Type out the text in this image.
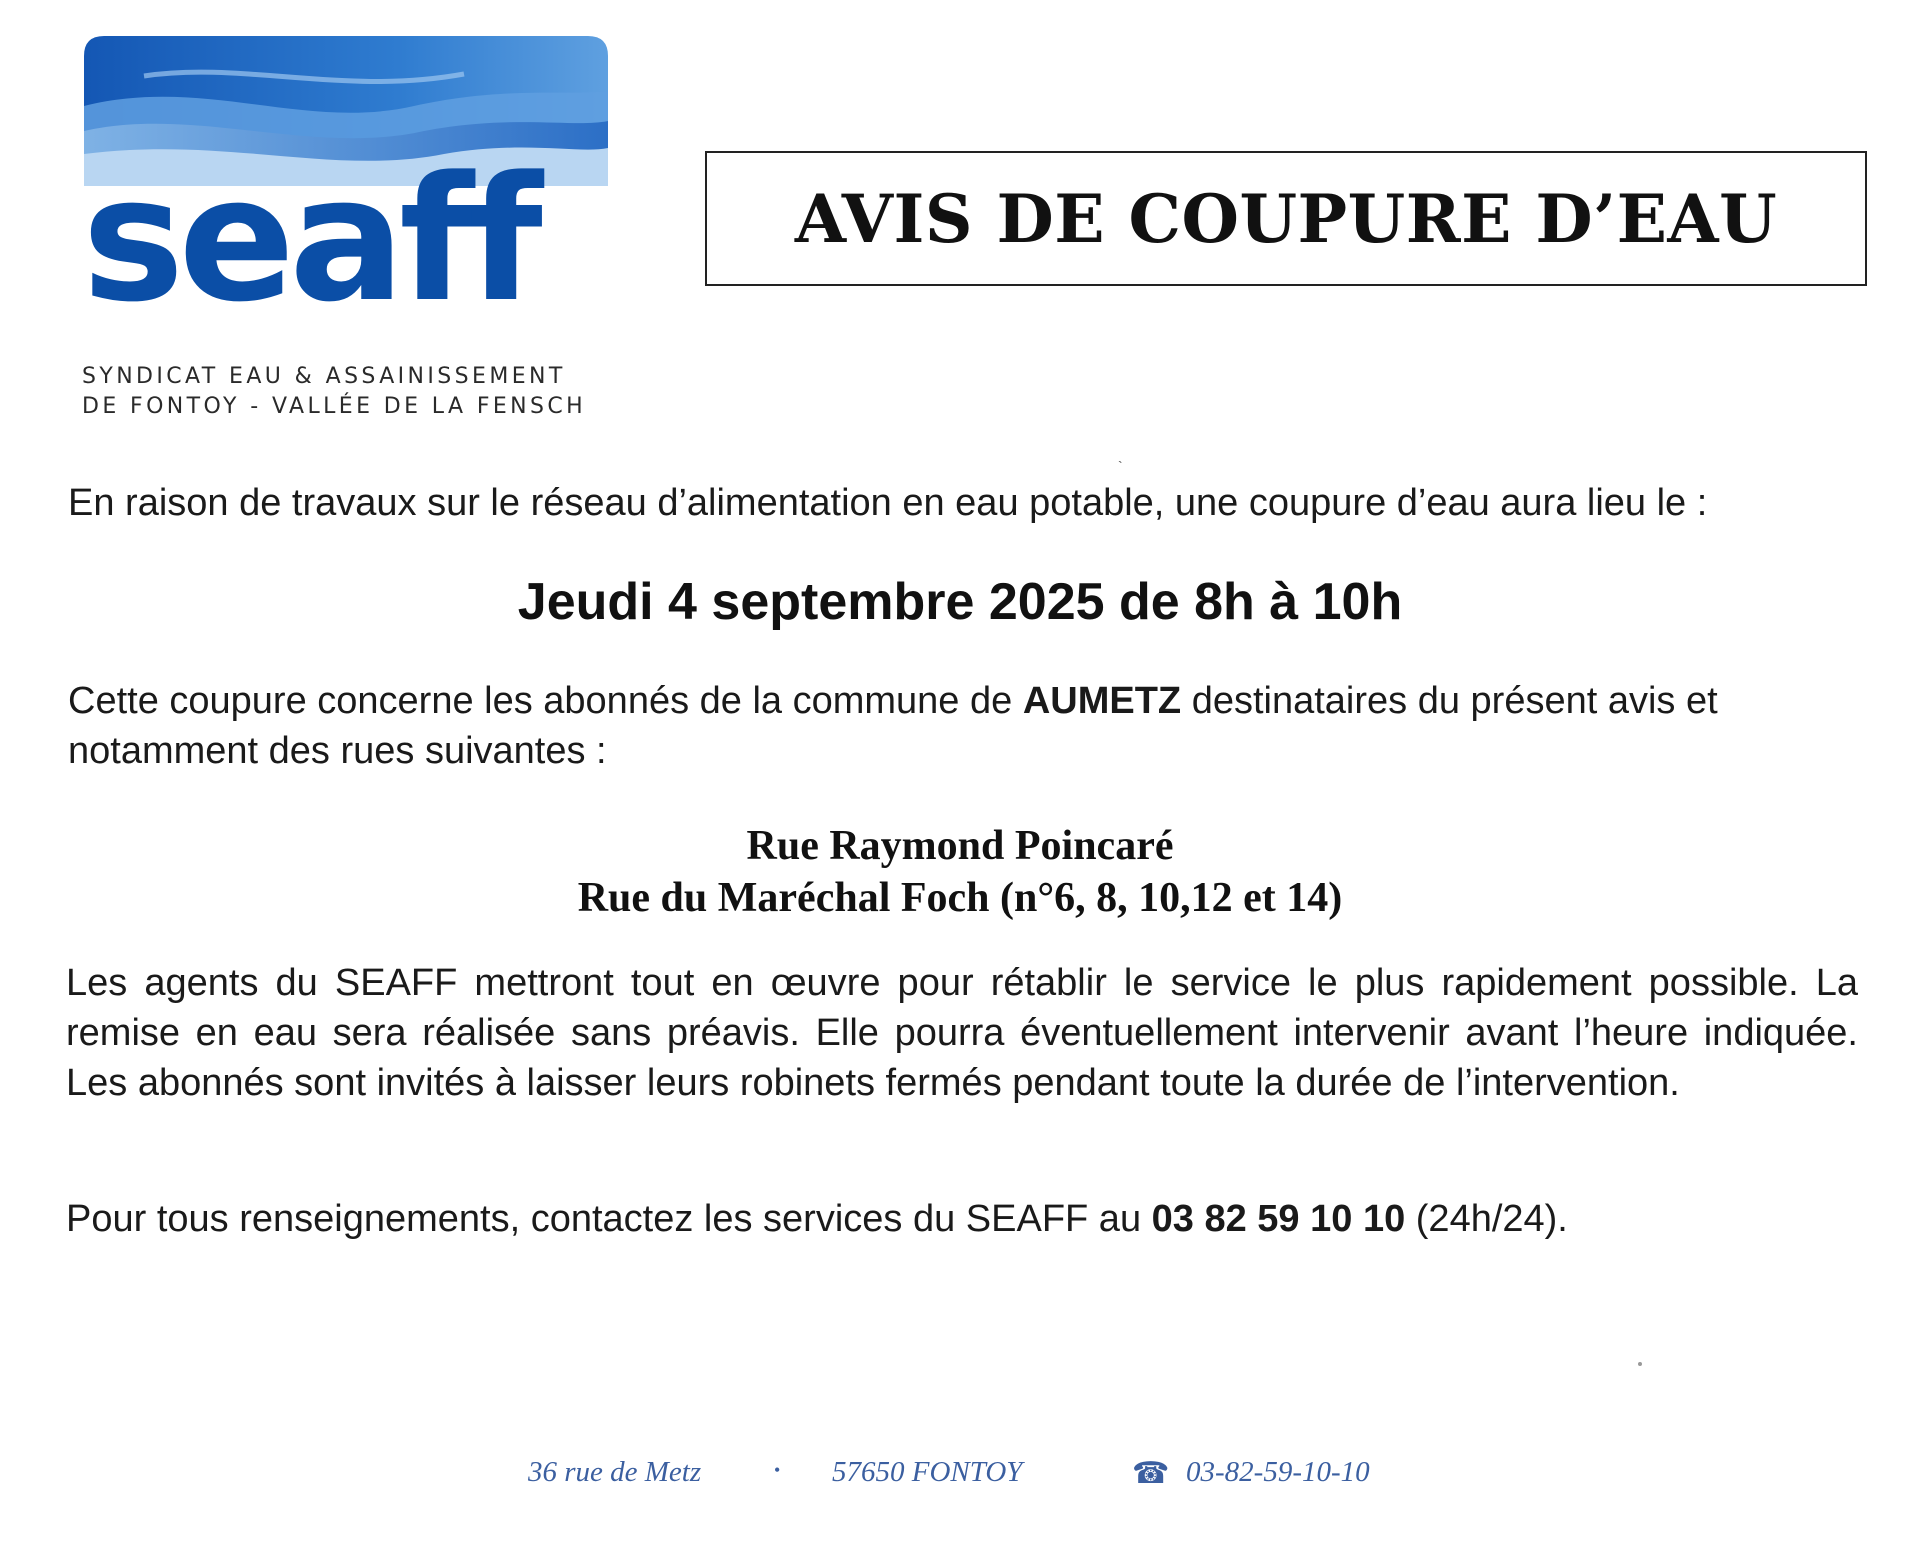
seaff
SYNDICAT EAU & ASSAINISSEMENT
DE FONTOY - VALLÉE DE LA FENSCH
AVIS DE COUPURE D’EAU
`
En raison de travaux sur le réseau d’alimentation en eau potable, une coupure d’eau aura lieu le :
Jeudi 4 septembre 2025 de 8h à 10h
Cette coupure concerne les abonnés de la commune de AUMETZ destinataires du présent avis et notamment des rues suivantes :
Rue Raymond Poincaré
Rue du Maréchal Foch (n°6, 8, 10,12 et 14)
Les agents du SEAFF mettront tout en œuvre pour rétablir le service le plus rapidement possible. La remise en eau sera réalisée sans préavis. Elle pourra éventuellement intervenir avant l’heure indiquée. Les abonnés sont invités à laisser leurs robinets fermés pendant toute la durée de l’intervention.
Pour tous renseignements, contactez les services du SEAFF au 03 82 59 10 10 (24h/24).
36 rue de Metz	• 57650 FONTOY	☎ 03-82-59-10-10
